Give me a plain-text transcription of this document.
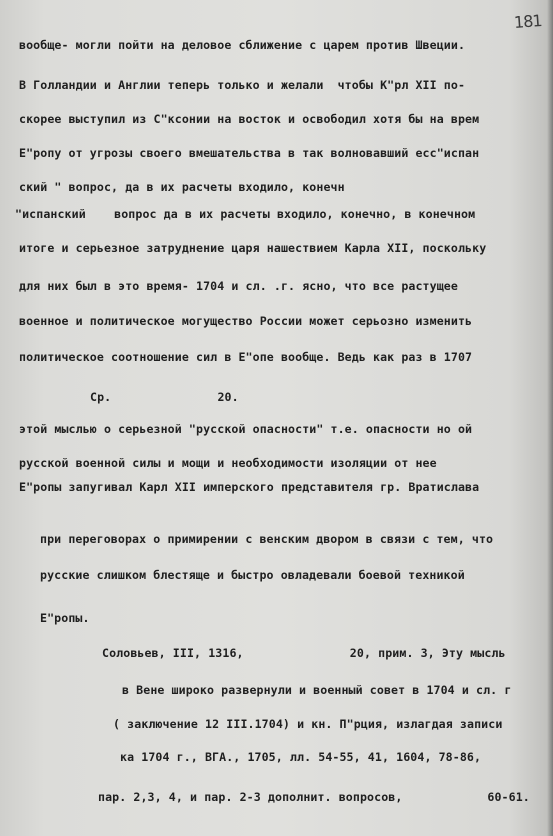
181
вообще- могли пойти на деловое сближение с царем против Швеции.
В Голландии и Англии теперь только и желали  чтобы К"рл XII по-
скорее выступил из С"ксонии на восток и освободил хотя бы на врем
Е"ропу от угрозы своего вмешательства в так волновавший есс"испан
ский " вопрос, да в их расчеты входило, конечн
"испанский    вопрос да в их расчеты входило, конечно, в конечном
итоге и серьезное затруднение царя нашествием Карла XII, поскольку
для них был в это время- 1704 и сл. .г. ясно, что все растущее
военное и политическое могущество России может серьозно изменить
политическое соотношение сил в Е"опе вообще. Ведь как раз в 1707
Ср.               20.
этой мыслью о серьезной "русской опасности" т.е. опасности но ой
русской военной силы и мощи и необходимости изоляции от нее
Е"ропы запугивал Карл XII имперского представителя гр. Вратислава
при переговорах о примирении с венским двором в связи с тем, что
русские слишком блестяще и быстро овладевали боевой техникой
Е"ропы.
Соловьев, III, 1316,               20, прим. 3, Эту мысль
в Вене широко развернули и военный совет в 1704 и сл. г
( заключение 12 III.1704) и кн. П"рция, излагдая записи
ка 1704 г., ВГА., 1705, лл. 54-55, 41, 1604, 78-86,
пар. 2,3, 4, и пар. 2-3 дополнит. вопросов,            60-61.
